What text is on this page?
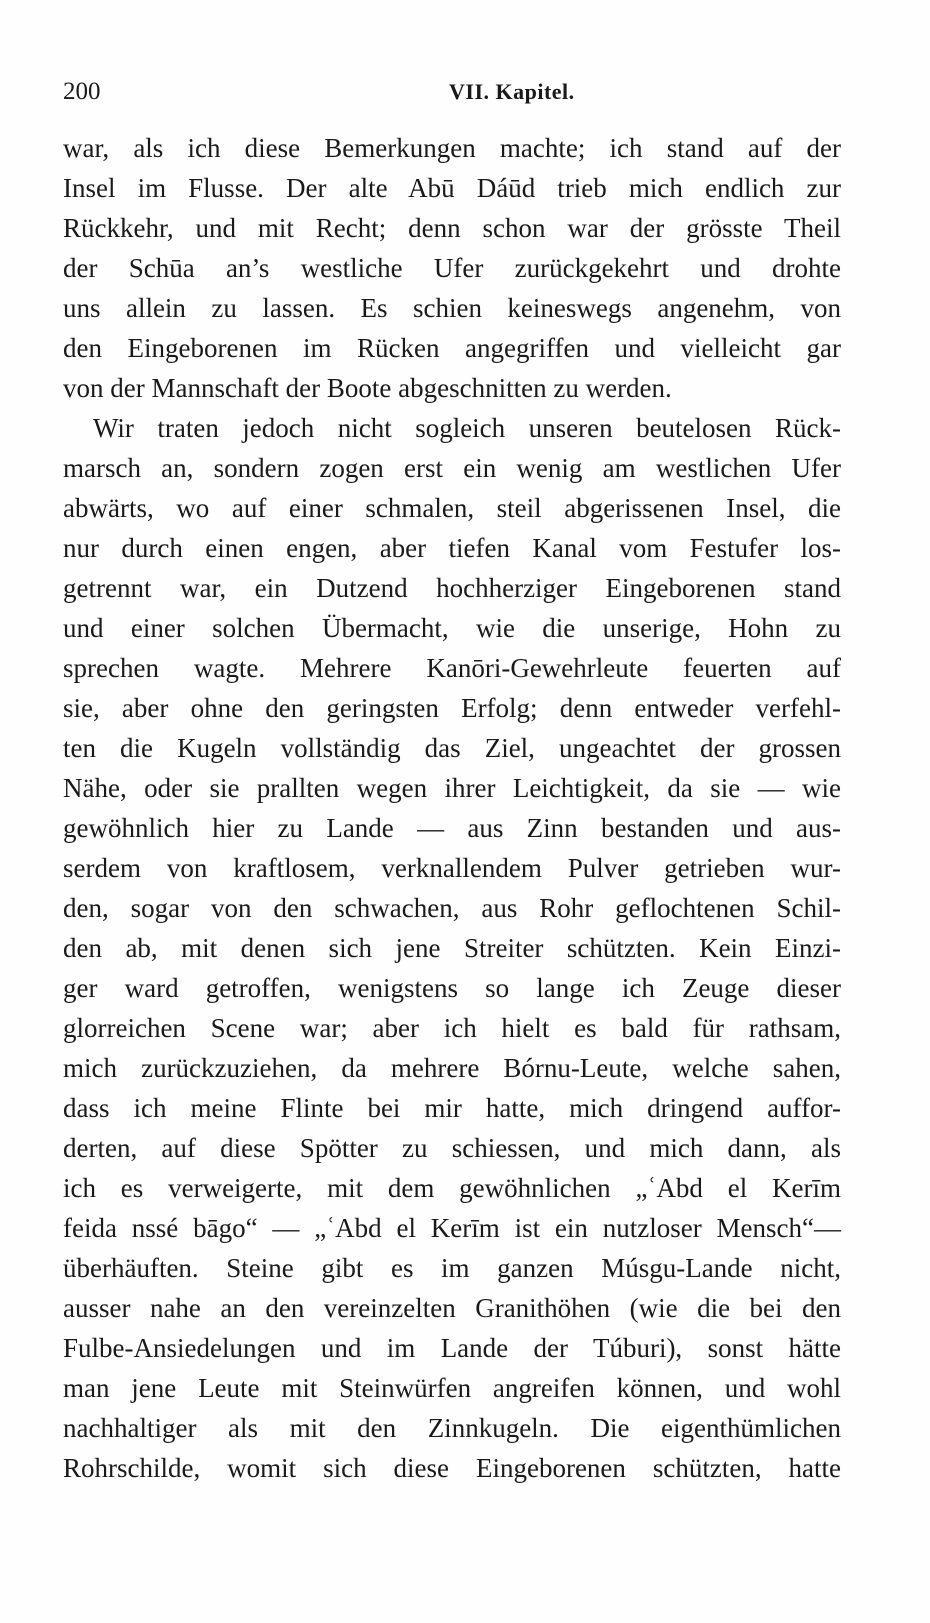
200	VII. Kapitel.
war, als ich diese Bemerkungen machte; ich stand auf der
Insel im Flusse. Der alte Abū Dáūd trieb mich endlich zur
Rückkehr, und mit Recht; denn schon war der grösste Theil
der Schūa an’s westliche Ufer zurückgekehrt und drohte
uns allein zu lassen. Es schien keineswegs angenehm, von
den Eingeborenen im Rücken angegriffen und vielleicht gar
von der Mannschaft der Boote abgeschnitten zu werden.
Wir traten jedoch nicht sogleich unseren beutelosen Rück-
marsch an, sondern zogen erst ein wenig am westlichen Ufer
abwärts, wo auf einer schmalen, steil abgerissenen Insel, die
nur durch einen engen, aber tiefen Kanal vom Festufer los-
getrennt war, ein Dutzend hochherziger Eingeborenen stand
und einer solchen Übermacht, wie die unserige, Hohn zu
sprechen wagte. Mehrere Kanōri-Gewehrleute feuerten auf
sie, aber ohne den geringsten Erfolg; denn entweder verfehl-
ten die Kugeln vollständig das Ziel, ungeachtet der grossen
Nähe, oder sie prallten wegen ihrer Leichtigkeit, da sie — wie
gewöhnlich hier zu Lande — aus Zinn bestanden und aus-
serdem von kraftlosem, verknallendem Pulver getrieben wur-
den, sogar von den schwachen, aus Rohr geflochtenen Schil-
den ab, mit denen sich jene Streiter schützten. Kein Einzi-
ger ward getroffen, wenigstens so lange ich Zeuge dieser
glorreichen Scene war; aber ich hielt es bald für rathsam,
mich zurückzuziehen, da mehrere Bórnu-Leute, welche sahen,
dass ich meine Flinte bei mir hatte, mich dringend auffor-
derten, auf diese Spötter zu schiessen, und mich dann, als
ich es verweigerte, mit dem gewöhnlichen „ʿAbd el Kerīm
feida nssé bāgo“ — „ʿAbd el Kerīm ist ein nutzloser Mensch“—
überhäuften. Steine gibt es im ganzen Músgu-Lande nicht,
ausser nahe an den vereinzelten Granithöhen (wie die bei den
Fulbe-Ansiedelungen und im Lande der Túburi), sonst hätte
man jene Leute mit Steinwürfen angreifen können, und wohl
nachhaltiger als mit den Zinnkugeln. Die eigenthümlichen
Rohrschilde, womit sich diese Eingeborenen schützten, hatte
